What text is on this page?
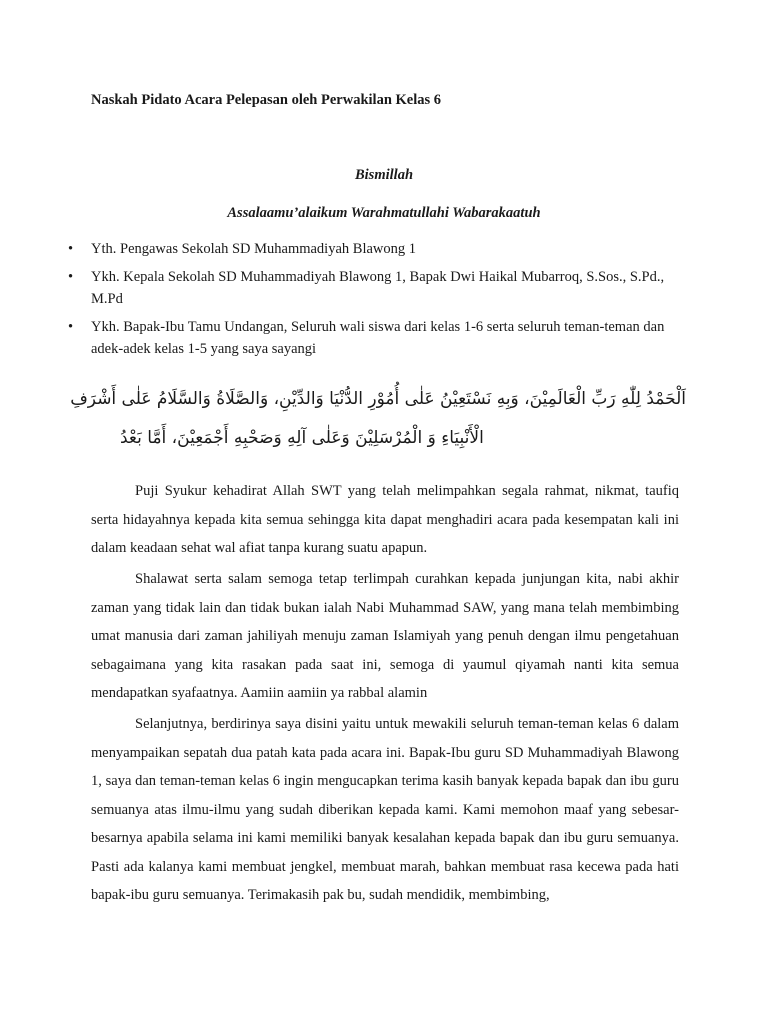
Naskah Pidato Acara Pelepasan oleh Perwakilan Kelas 6
Bismillah
Assalaamu’alaikum Warahmatullahi Wabarakaatuh
• Yth. Pengawas Sekolah SD Muhammadiyah Blawong 1
• Ykh. Kepala Sekolah SD Muhammadiyah Blawong 1, Bapak Dwi Haikal Mubarroq, S.Sos., S.Pd., M.Pd
• Ykh. Bapak-Ibu Tamu Undangan, Seluruh wali siswa dari kelas 1-6 serta seluruh teman-teman dan adek-adek kelas 1-5 yang saya sayangi
اَلْحَمْدُ لِلّٰهِ رَبِّ الْعَالَمِيْنَ، وَبِهِ نَسْتَعِيْنُ عَلٰى أُمُوْرِ الدُّنْيَا وَالدِّيْنِ، وَالصَّلَاةُ وَالسَّلَامُ عَلٰى أَشْرَفِ
الْأَنْبِيَاءِ وَ الْمُرْسَلِيْنَ وَعَلٰى آلِهِ وَصَحْبِهِ أَجْمَعِيْنَ، أَمَّا بَعْدُ

Puji Syukur kehadirat Allah SWT yang telah melimpahkan segala rahmat, nikmat, taufiq serta hidayahnya kepada kita semua sehingga kita dapat menghadiri acara pada kesempatan kali ini dalam keadaan sehat wal afiat tanpa kurang suatu apapun.

Shalawat serta salam semoga tetap terlimpah curahkan kepada junjungan kita, nabi akhir zaman yang tidak lain dan tidak bukan ialah Nabi Muhammad SAW, yang mana telah membimbing umat manusia dari zaman jahiliyah menuju zaman Islamiyah yang penuh dengan ilmu pengetahuan sebagaimana yang kita rasakan pada saat ini, semoga di yaumul qiyamah nanti kita semua mendapatkan syafaatnya. Aamiin aamiin ya rabbal alamin

Selanjutnya, berdirinya saya disini yaitu untuk mewakili seluruh teman-teman kelas 6 dalam menyampaikan sepatah dua patah kata pada acara ini. Bapak-Ibu guru SD Muhammadiyah Blawong 1, saya dan teman-teman kelas 6 ingin mengucapkan terima kasih banyak kepada bapak dan ibu guru semuanya atas ilmu-ilmu yang sudah diberikan kepada kami. Kami memohon maaf yang sebesar-besarnya apabila selama ini kami memiliki banyak kesalahan kepada bapak dan ibu guru semuanya. Pasti ada kalanya kami membuat jengkel, membuat marah, bahkan membuat rasa kecewa pada hati bapak-ibu guru semuanya. Terimakasih pak bu, sudah mendidik, membimbing,
